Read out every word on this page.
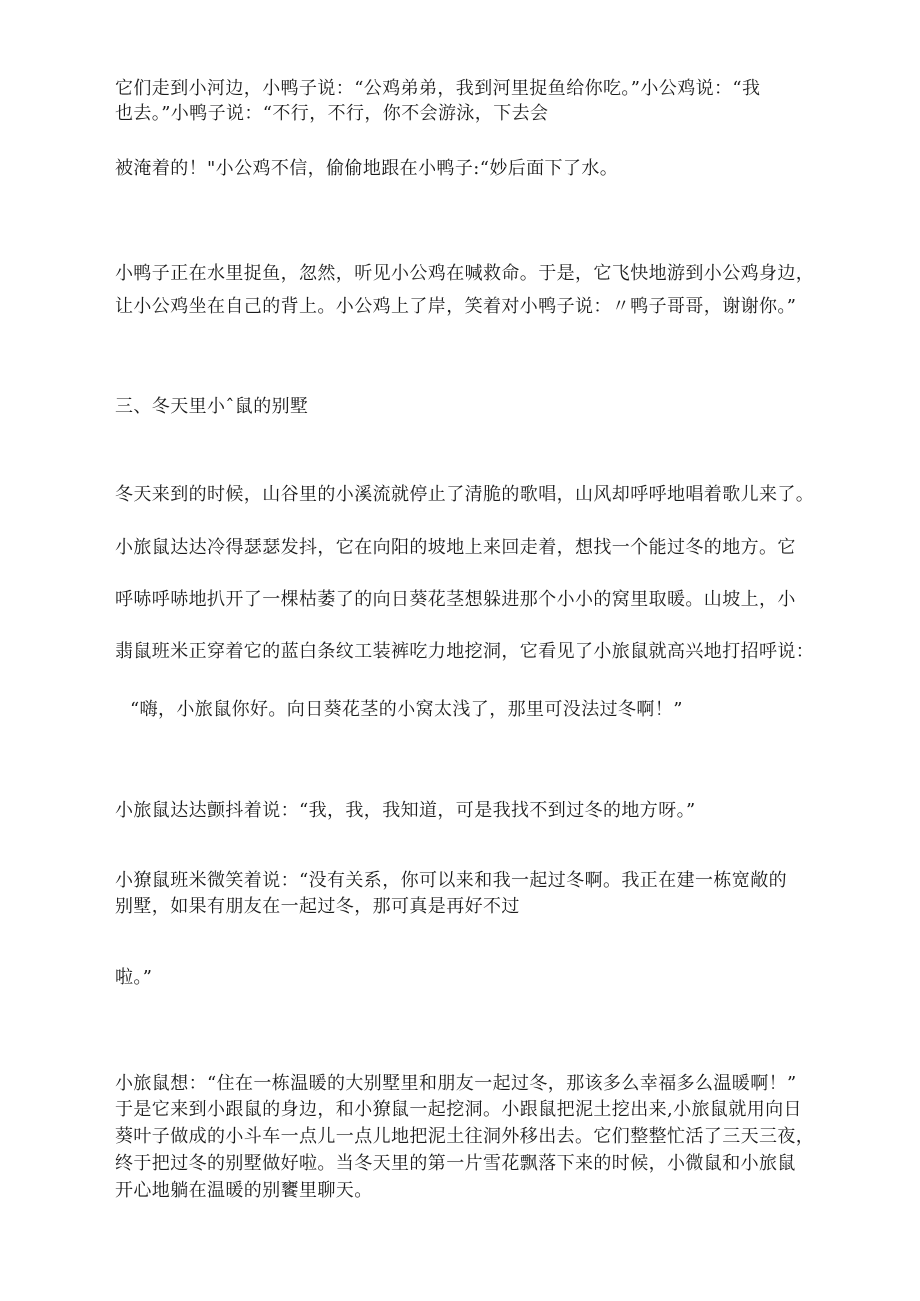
它们走到小河边，小鸭子说：“公鸡弟弟，我到河里捉鱼给你吃。”小公鸡说：“我
也去。”小鸭子说：“不行，不行，你不会游泳，下去会
被淹着的！"小公鸡不信，偷偷地跟在小鸭子:“妙后面下了水。
小鸭子正在水里捉鱼，忽然，听见小公鸡在喊救命。于是，它飞快地游到小公鸡身边，
让小公鸡坐在自己的背上。小公鸡上了岸，笑着对小鸭子说：〃鸭子哥哥，谢谢你。”
三、冬天里小ˆ鼠的别墅
冬天来到的时候，山谷里的小溪流就停止了清脆的歌唱，山风却呼呼地唱着歌儿来了。
小旅鼠达达冷得瑟瑟发抖，它在向阳的坡地上来回走着，想找一个能过冬的地方。它
呼哧呼哧地扒开了一棵枯萎了的向日葵花茎想躲进那个小小的窝里取暖。山坡上，小
翡鼠班米正穿着它的蓝白条纹工装裤吃力地挖洞，它看见了小旅鼠就高兴地打招呼说：
“嗨，小旅鼠你好。向日葵花茎的小窝太浅了，那里可没法过冬啊！”
小旅鼠达达颤抖着说：“我，我，我知道，可是我找不到过冬的地方呀。”
小獠鼠班米微笑着说：“没有关系，你可以来和我一起过冬啊。我正在建一栋宽敞的
别墅，如果有朋友在一起过冬，那可真是再好不过
啦。”
小旅鼠想：“住在一栋温暖的大别墅里和朋友一起过冬，那该多么幸福多么温暖啊！”
于是它来到小跟鼠的身边，和小獠鼠一起挖洞。小跟鼠把泥土挖出来,小旅鼠就用向日
葵叶子做成的小斗车一点儿一点儿地把泥土往洞外移出去。它们整整忙活了三天三夜，
终于把过冬的别墅做好啦。当冬天里的第一片雪花飘落下来的时候，小微鼠和小旅鼠
开心地躺在温暖的别饔里聊天。
